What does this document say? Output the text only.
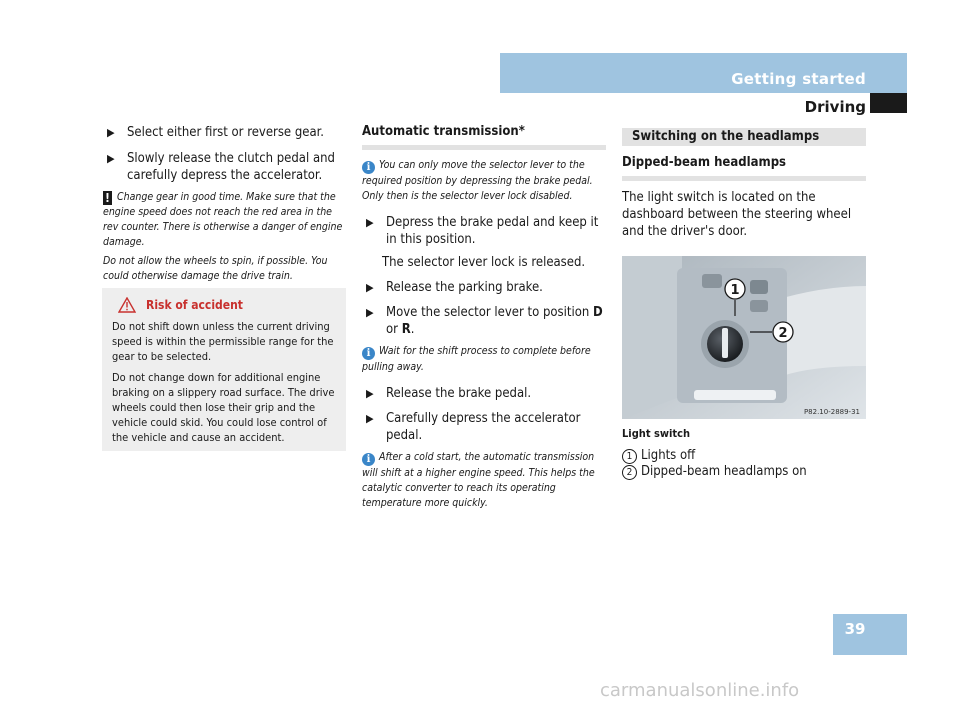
Getting started
Driving
▶ Select either first or reverse gear.
▶ Slowly release the clutch pedal and carefully depress the accelerator.
! Change gear in good time. Make sure that the engine speed does not reach the red area in the rev counter. There is otherwise a danger of engine damage.
Do not allow the wheels to spin, if possible. You could otherwise damage the drive train.
Risk of accident
Do not shift down unless the current driving speed is within the permissible range for the gear to be selected.
Do not change down for additional engine braking on a slippery road surface. The drive wheels could then lose their grip and the vehicle could skid. You could lose control of the vehicle and cause an accident.
Automatic transmission*
i You can only move the selector lever to the required position by depressing the brake pedal. Only then is the selector lever lock disabled.
▶ Depress the brake pedal and keep it in this position.
The selector lever lock is released.
▶ Release the parking brake.
▶ Move the selector lever to position D or R.
i Wait for the shift process to complete before pulling away.
▶ Release the brake pedal.
▶ Carefully depress the accelerator pedal.
i After a cold start, the automatic transmission will shift at a higher engine speed. This helps the catalytic converter to reach its operating temperature more quickly.
Switching on the headlamps
Dipped-beam headlamps
The light switch is located on the dashboard between the steering wheel and the driver's door.
1
2
P82.10-2889-31
Light switch
1 Lights off
2 Dipped-beam headlamps on
39
carmanualsonline.info
